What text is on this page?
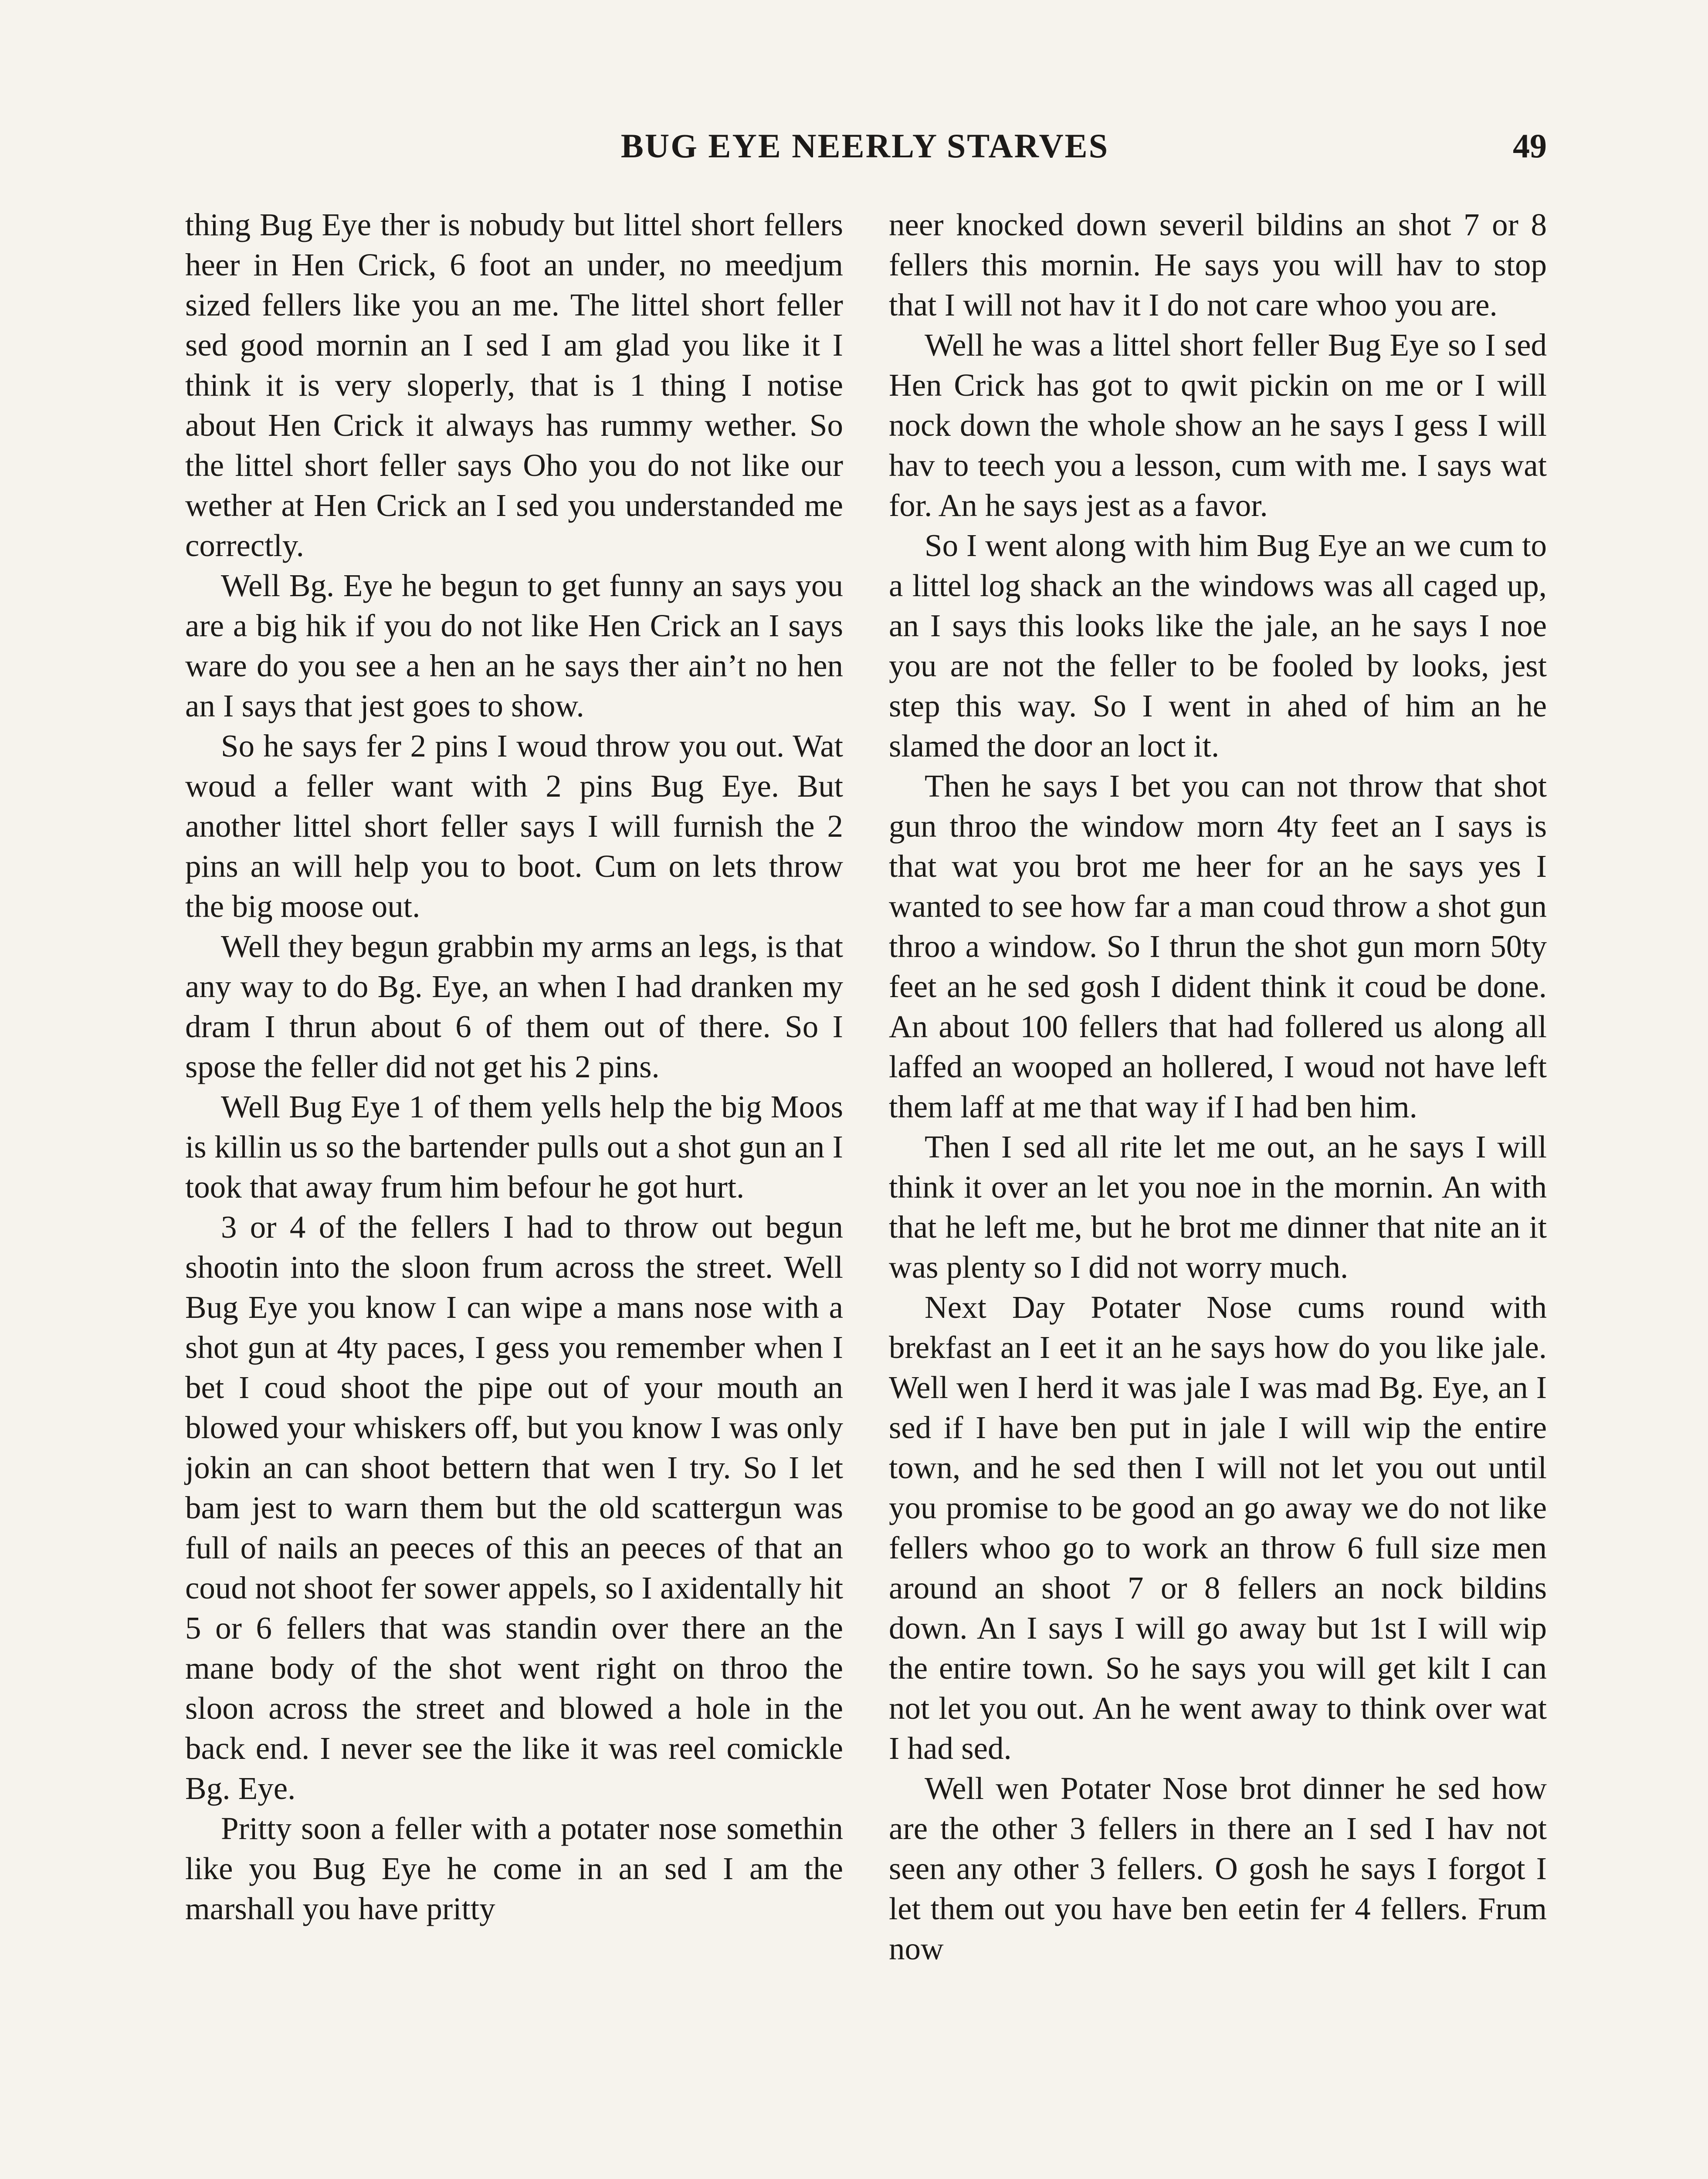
BUG EYE NEERLY STARVES	49

thing Bug Eye ther is nobudy but littel short fellers heer in Hen Crick, 6 foot an under, no meedjum sized fellers like you an me. The littel short feller sed good mornin an I sed I am glad you like it I think it is very sloperly, that is 1 thing I notise about Hen Crick it always has rummy wether. So the littel short feller says Oho you do not like our wether at Hen Crick an I sed you understanded me correctly.

Well Bg. Eye he begun to get funny an says you are a big hik if you do not like Hen Crick an I says ware do you see a hen an he says ther ain’t no hen an I says that jest goes to show.

So he says fer 2 pins I woud throw you out. Wat woud a feller want with 2 pins Bug Eye. But another littel short feller says I will furnish the 2 pins an will help you to boot. Cum on lets throw the big moose out.

Well they begun grabbin my arms an legs, is that any way to do Bg. Eye, an when I had dranken my dram I thrun about 6 of them out of there. So I spose the feller did not get his 2 pins.

Well Bug Eye 1 of them yells help the big Moos is killin us so the bartender pulls out a shot gun an I took that away frum him befour he got hurt.

3 or 4 of the fellers I had to throw out begun shootin into the sloon frum across the street. Well Bug Eye you know I can wipe a mans nose with a shot gun at 4ty paces, I gess you remember when I bet I coud shoot the pipe out of your mouth an blowed your whiskers off, but you know I was only jokin an can shoot bettern that wen I try. So I let bam jest to warn them but the old scattergun was full of nails an peeces of this an peeces of that an coud not shoot fer sower appels, so I axidentally hit 5 or 6 fellers that was standin over there an the mane body of the shot went right on throo the sloon across the street and blowed a hole in the back end. I never see the like it was reel comickle Bg. Eye.

Pritty soon a feller with a potater nose somethin like you Bug Eye he come in an sed I am the marshall you have pritty

neer knocked down severil bildins an shot 7 or 8 fellers this mornin. He says you will hav to stop that I will not hav it I do not care whoo you are.

Well he was a littel short feller Bug Eye so I sed Hen Crick has got to qwit pickin on me or I will nock down the whole show an he says I gess I will hav to teech you a lesson, cum with me. I says wat for. An he says jest as a favor.

So I went along with him Bug Eye an we cum to a littel log shack an the windows was all caged up, an I says this looks like the jale, an he says I noe you are not the feller to be fooled by looks, jest step this way. So I went in ahed of him an he slamed the door an loct it.

Then he says I bet you can not throw that shot gun throo the window morn 4ty feet an I says is that wat you brot me heer for an he says yes I wanted to see how far a man coud throw a shot gun throo a window. So I thrun the shot gun morn 50ty feet an he sed gosh I dident think it coud be done. An about 100 fellers that had follered us along all laffed an wooped an hollered, I woud not have left them laff at me that way if I had ben him.

Then I sed all rite let me out, an he says I will think it over an let you noe in the mornin. An with that he left me, but he brot me dinner that nite an it was plenty so I did not worry much.

Next Day Potater Nose cums round with brekfast an I eet it an he says how do you like jale. Well wen I herd it was jale I was mad Bg. Eye, an I sed if I have ben put in jale I will wip the entire town, and he sed then I will not let you out until you promise to be good an go away we do not like fellers whoo go to work an throw 6 full size men around an shoot 7 or 8 fellers an nock bildins down. An I says I will go away but 1st I will wip the entire town. So he says you will get kilt I can not let you out. An he went away to think over wat I had sed.

Well wen Potater Nose brot dinner he sed how are the other 3 fellers in there an I sed I hav not seen any other 3 fellers. O gosh he says I forgot I let them out you have ben eetin fer 4 fellers. Frum now
